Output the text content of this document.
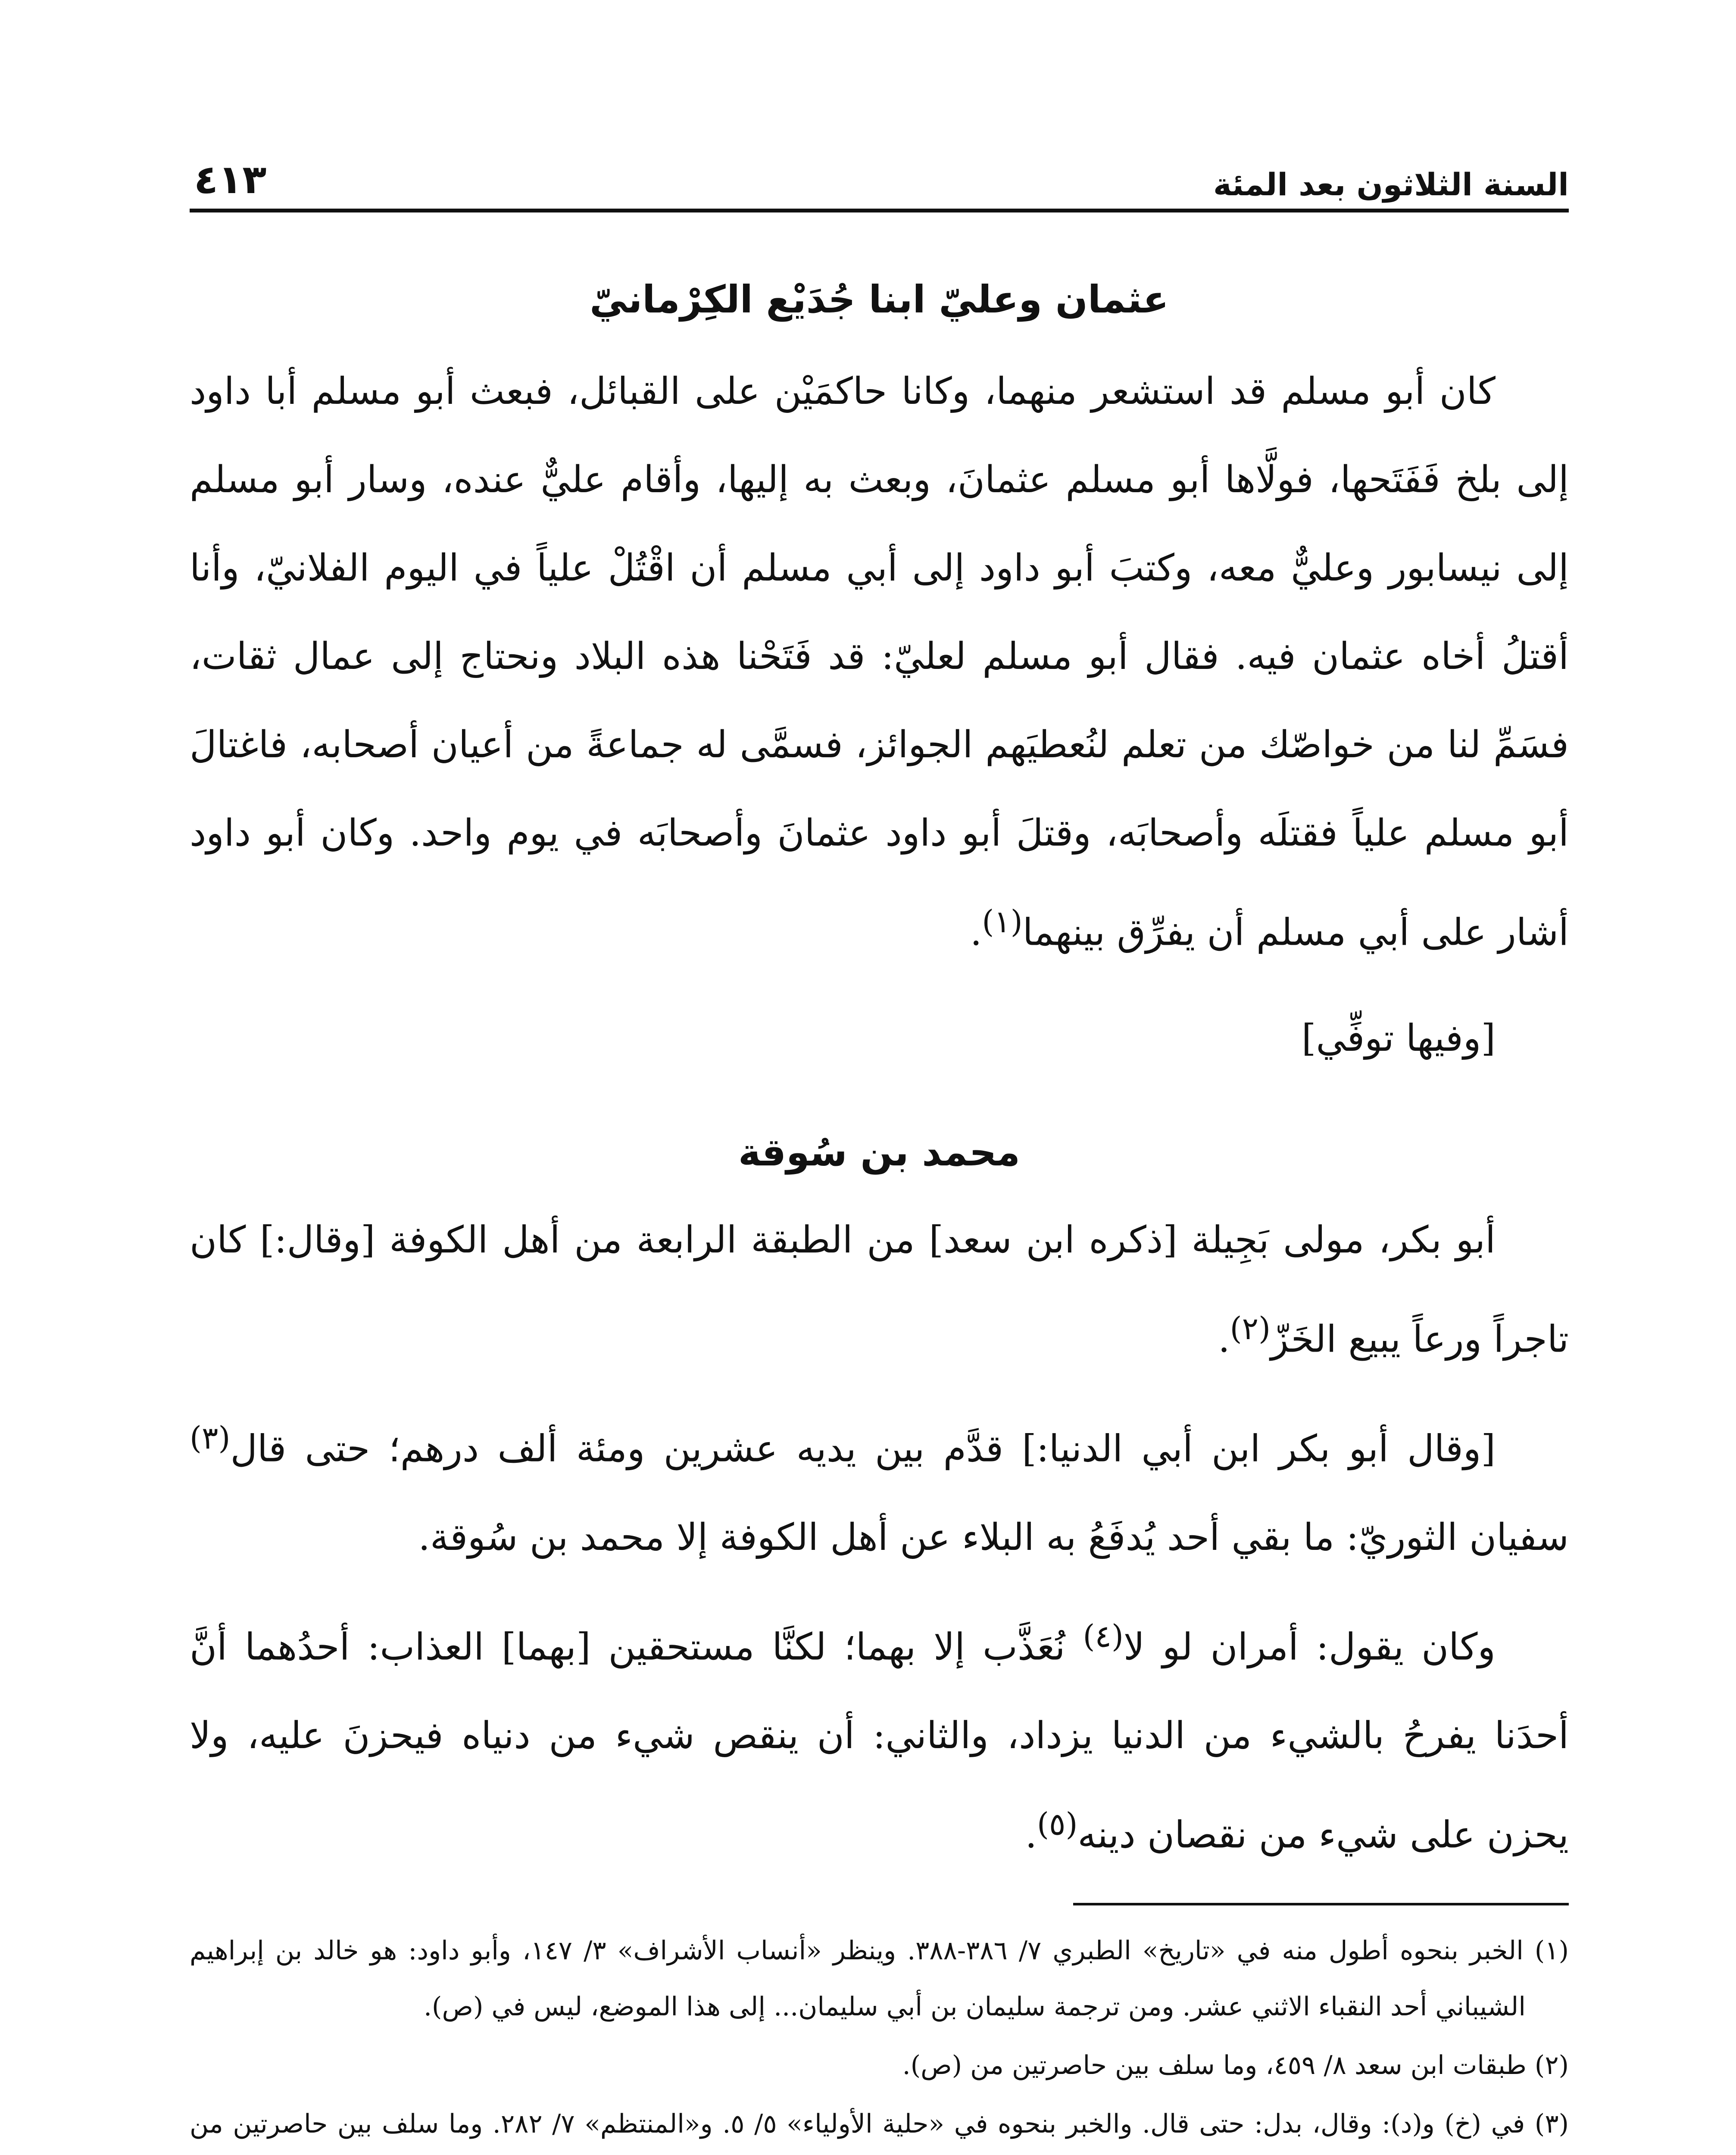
السنة الثلاثون بعد المئة
٤١٣
عثمان وعليّ ابنا جُدَيْع الكِرْمانيّ

كان أبو مسلم قد استشعر منهما، وكانا حاكمَيْن على القبائل، فبعث أبو مسلم أبا داود إلى بلخ فَفَتَحها، فولَّاها أبو مسلم عثمانَ، وبعث به إليها، وأقام عليٌّ عنده، وسار أبو مسلم إلى نيسابور وعليٌّ معه، وكتبَ أبو داود إلى أبي مسلم أن اقْتُلْ علياً في اليوم الفلانيّ، وأنا أقتلُ أخاه عثمان فيه. فقال أبو مسلم لعليّ: قد فَتَحْنا هذه البلاد ونحتاج إلى عمال ثقات، فسَمِّ لنا من خواصّك من تعلم لنُعطيَهم الجوائز، فسمَّى له جماعةً من أعيان أصحابه، فاغتالَ أبو مسلم علياً فقتلَه وأصحابَه، وقتلَ أبو داود عثمانَ وأصحابَه في يوم واحد. وكان أبو داود أشار على أبي مسلم أن يفرِّق بينهما$^{(١)}$.

[وفيها توفِّي]

محمد بن سُوقة

أبو بكر، مولى بَجِيلة [ذكره ابن سعد] من الطبقة الرابعة من أهل الكوفة [وقال:] كان تاجراً ورعاً يبيع الخَزّ$^{(٢)}$.

[وقال أبو بكر ابن أبي الدنيا:] قدَّم بين يديه عشرين ومئة ألف درهم؛ حتى قال$^{(٣)}$ سفيان الثوريّ: ما بقي أحد يُدفَعُ به البلاء عن أهل الكوفة إلا محمد بن سُوقة.

وكان يقول: أمران لو لا$^{(٤)}$ نُعَذَّب إلا بهما؛ لكنَّا مستحقين [بهما] العذاب: أحدُهما أنَّ أحدَنا يفرحُ بالشيء من الدنيا يزداد، والثاني: أن ينقص شيء من دنياه فيحزنَ عليه، ولا يحزن على شيء من نقصان دينه$^{(٥)}$.

(١) الخبر بنحوه أطول منه في «تاريخ» الطبري ٧/ ٣٨٦-٣٨٨. وينظر «أنساب الأشراف» ٣/ ١٤٧، وأبو داود: هو خالد بن إبراهيم الشيباني أحد النقباء الاثني عشر. ومن ترجمة سليمان بن أبي سليمان... إلى هذا الموضع، ليس في (ص).

(٢) طبقات ابن سعد ٨/ ٤٥٩، وما سلف بين حاصرتين من (ص).

(٣) في (خ) و(د): وقال، بدل: حتى قال. والخبر بنحوه في «حلية الأولياء» ٥/ ٥. و«المنتظم» ٧/ ٢٨٢. وما سلف بين حاصرتين من
